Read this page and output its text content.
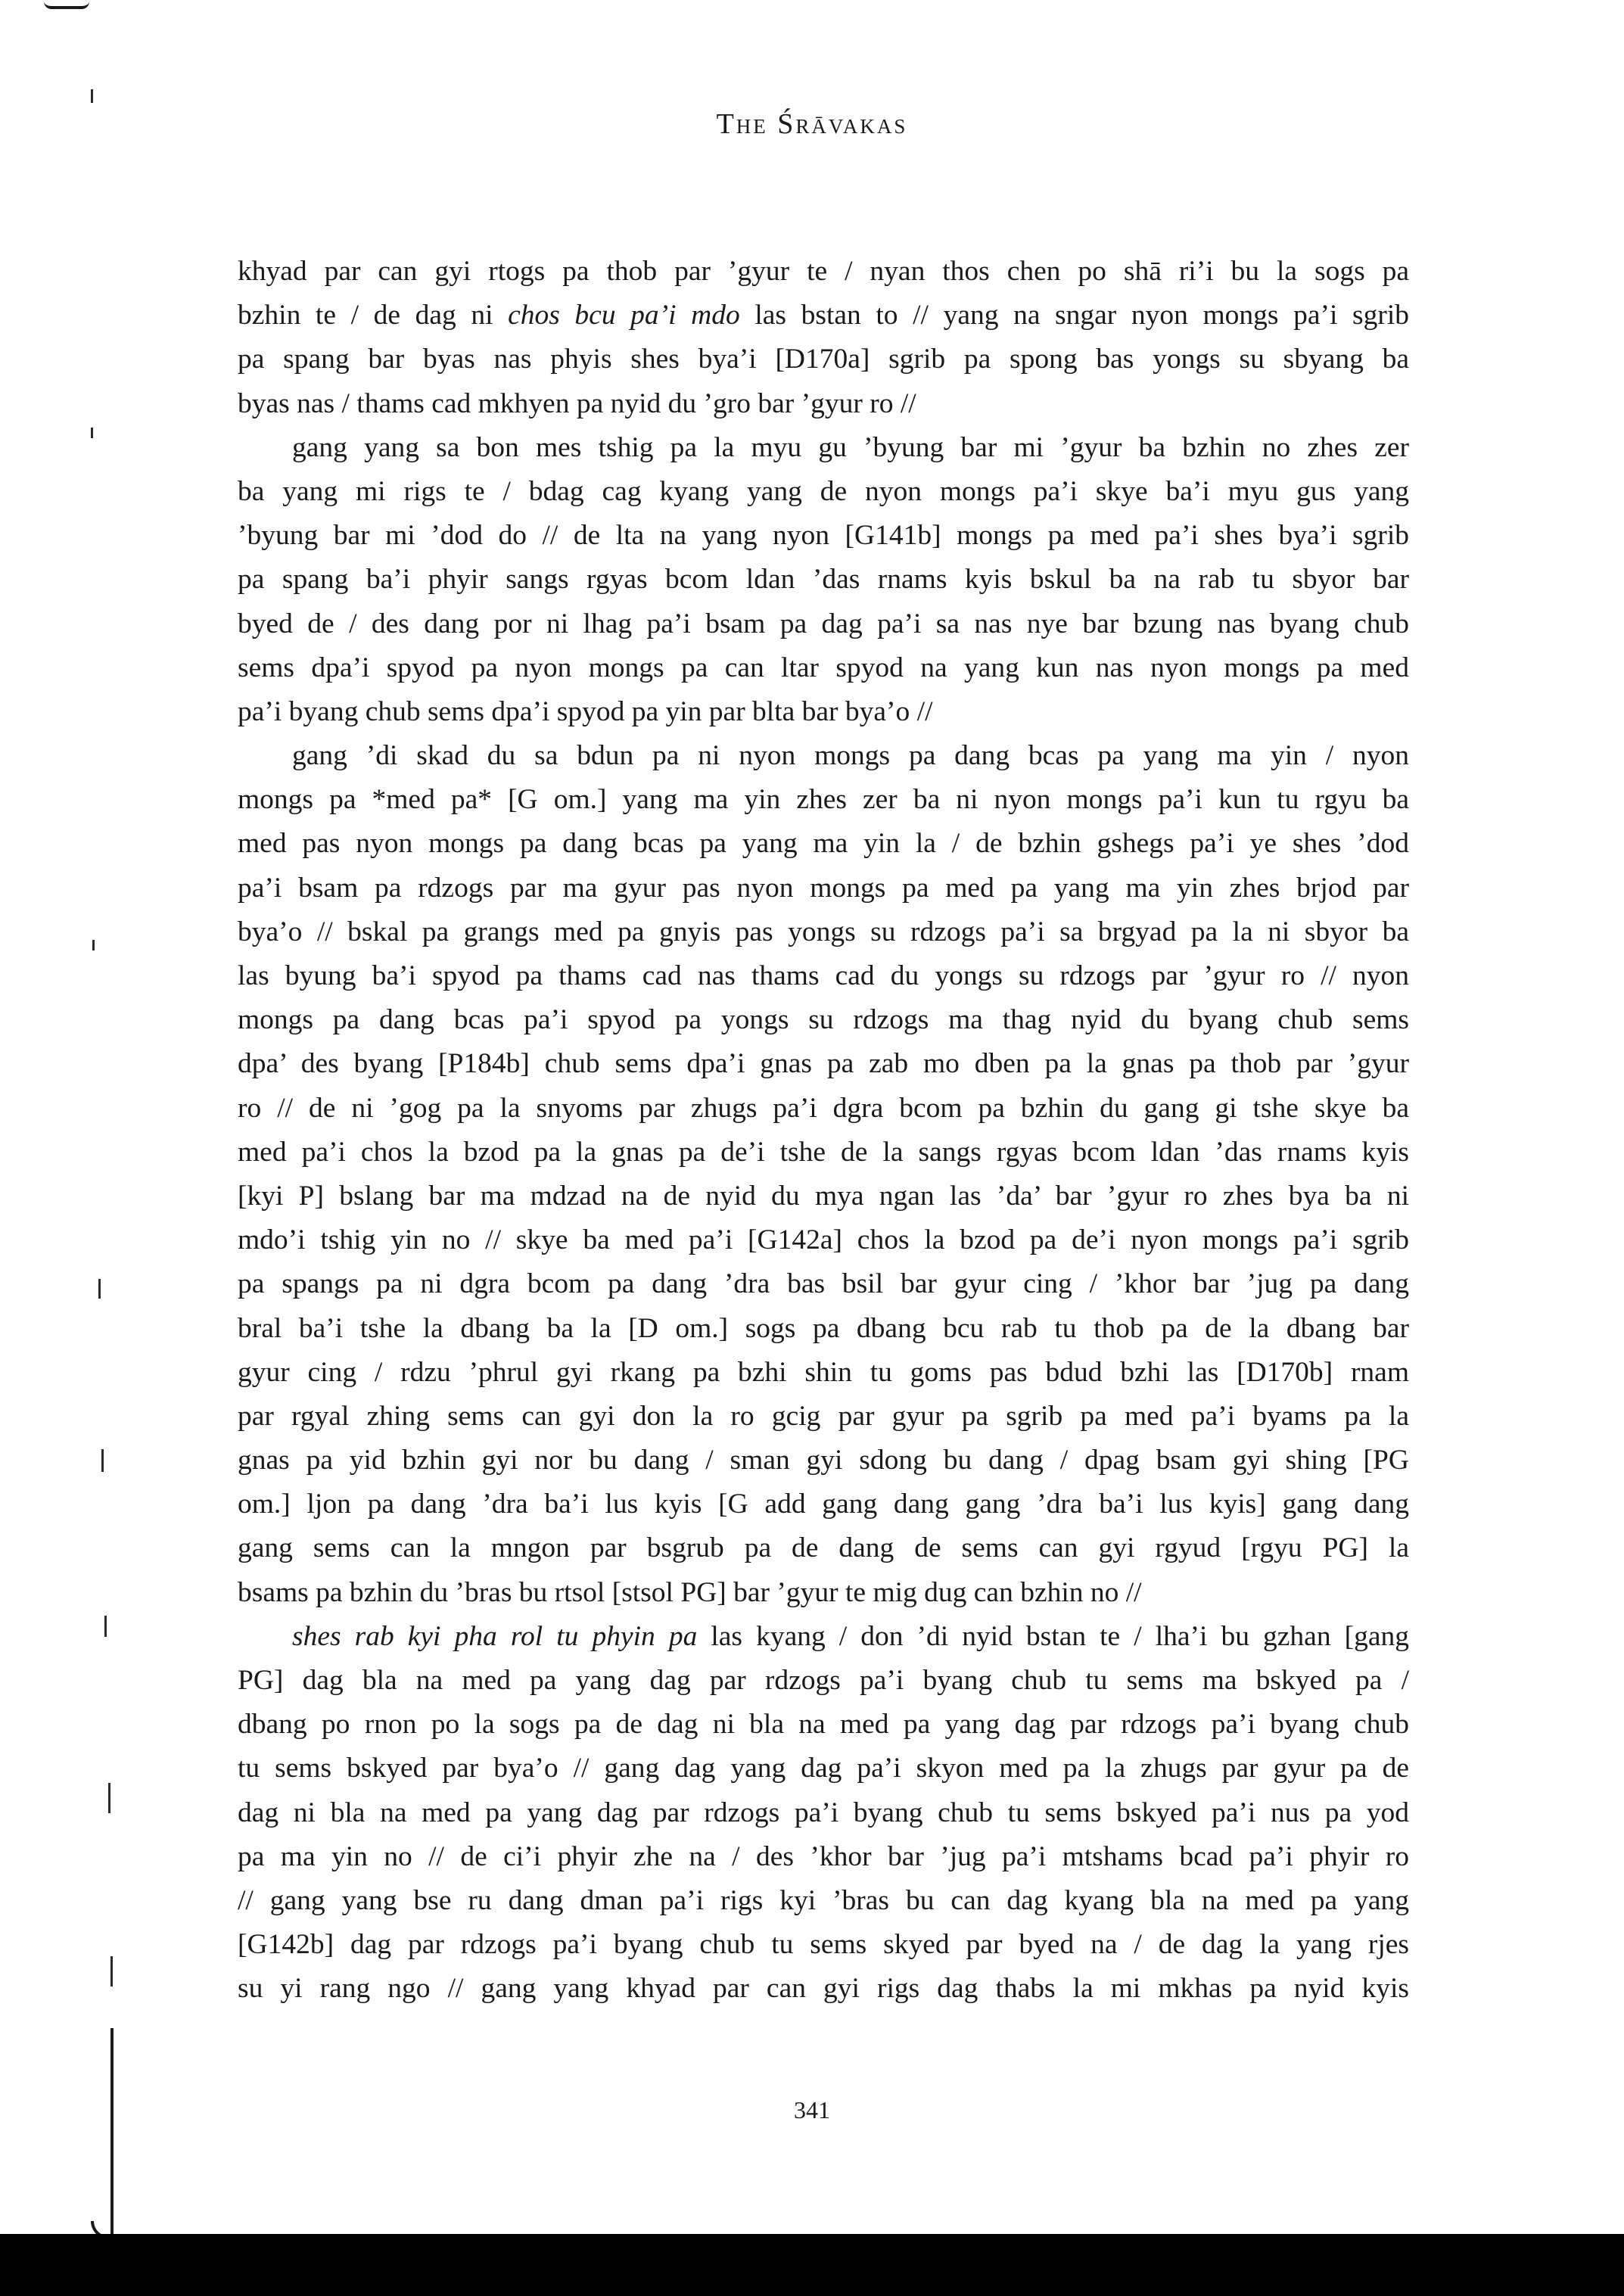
The Śrāvakas
khyad par can gyi rtogs pa thob par ’gyur te / nyan thos chen po shā ri’i bu la sogs pa
bzhin te / de dag ni chos bcu pa’i mdo las bstan to // yang na sngar nyon mongs pa’i sgrib
pa spang bar byas nas phyis shes bya’i [D170a] sgrib pa spong bas yongs su sbyang ba
byas nas / thams cad mkhyen pa nyid du ’gro bar ’gyur ro //
gang yang sa bon mes tshig pa la myu gu ’byung bar mi ’gyur ba bzhin no zhes zer
ba yang mi rigs te / bdag cag kyang yang de nyon mongs pa’i skye ba’i myu gus yang
’byung bar mi ’dod do // de lta na yang nyon [G141b] mongs pa med pa’i shes bya’i sgrib
pa spang ba’i phyir sangs rgyas bcom ldan ’das rnams kyis bskul ba na rab tu sbyor bar
byed de / des dang por ni lhag pa’i bsam pa dag pa’i sa nas nye bar bzung nas byang chub
sems dpa’i spyod pa nyon mongs pa can ltar spyod na yang kun nas nyon mongs pa med
pa’i byang chub sems dpa’i spyod pa yin par blta bar bya’o //
gang ’di skad du sa bdun pa ni nyon mongs pa dang bcas pa yang ma yin / nyon
mongs pa *med pa* [G om.] yang ma yin zhes zer ba ni nyon mongs pa’i kun tu rgyu ba
med pas nyon mongs pa dang bcas pa yang ma yin la / de bzhin gshegs pa’i ye shes ’dod
pa’i bsam pa rdzogs par ma gyur pas nyon mongs pa med pa yang ma yin zhes brjod par
bya’o // bskal pa grangs med pa gnyis pas yongs su rdzogs pa’i sa brgyad pa la ni sbyor ba
las byung ba’i spyod pa thams cad nas thams cad du yongs su rdzogs par ’gyur ro // nyon
mongs pa dang bcas pa’i spyod pa yongs su rdzogs ma thag nyid du byang chub sems
dpa’ des byang [P184b] chub sems dpa’i gnas pa zab mo dben pa la gnas pa thob par ’gyur
ro // de ni ’gog pa la snyoms par zhugs pa’i dgra bcom pa bzhin du gang gi tshe skye ba
med pa’i chos la bzod pa la gnas pa de’i tshe de la sangs rgyas bcom ldan ’das rnams kyis
[kyi P] bslang bar ma mdzad na de nyid du mya ngan las ’da’ bar ’gyur ro zhes bya ba ni
mdo’i tshig yin no // skye ba med pa’i [G142a] chos la bzod pa de’i nyon mongs pa’i sgrib
pa spangs pa ni dgra bcom pa dang ’dra bas bsil bar gyur cing / ’khor bar ’jug pa dang
bral ba’i tshe la dbang ba la [D om.] sogs pa dbang bcu rab tu thob pa de la dbang bar
gyur cing / rdzu ’phrul gyi rkang pa bzhi shin tu goms pas bdud bzhi las [D170b] rnam
par rgyal zhing sems can gyi don la ro gcig par gyur pa sgrib pa med pa’i byams pa la
gnas pa yid bzhin gyi nor bu dang / sman gyi sdong bu dang / dpag bsam gyi shing [PG
om.] ljon pa dang ’dra ba’i lus kyis [G add gang dang gang ’dra ba’i lus kyis] gang dang
gang sems can la mngon par bsgrub pa de dang de sems can gyi rgyud [rgyu PG] la
bsams pa bzhin du ’bras bu rtsol [stsol PG] bar ’gyur te mig dug can bzhin no //
shes rab kyi pha rol tu phyin pa las kyang / don ’di nyid bstan te / lha’i bu gzhan [gang
PG] dag bla na med pa yang dag par rdzogs pa’i byang chub tu sems ma bskyed pa /
dbang po rnon po la sogs pa de dag ni bla na med pa yang dag par rdzogs pa’i byang chub
tu sems bskyed par bya’o // gang dag yang dag pa’i skyon med pa la zhugs par gyur pa de
dag ni bla na med pa yang dag par rdzogs pa’i byang chub tu sems bskyed pa’i nus pa yod
pa ma yin no // de ci’i phyir zhe na / des ’khor bar ’jug pa’i mtshams bcad pa’i phyir ro
// gang yang bse ru dang dman pa’i rigs kyi ’bras bu can dag kyang bla na med pa yang
[G142b] dag par rdzogs pa’i byang chub tu sems skyed par byed na / de dag la yang rjes
su yi rang ngo // gang yang khyad par can gyi rigs dag thabs la mi mkhas pa nyid kyis
341
